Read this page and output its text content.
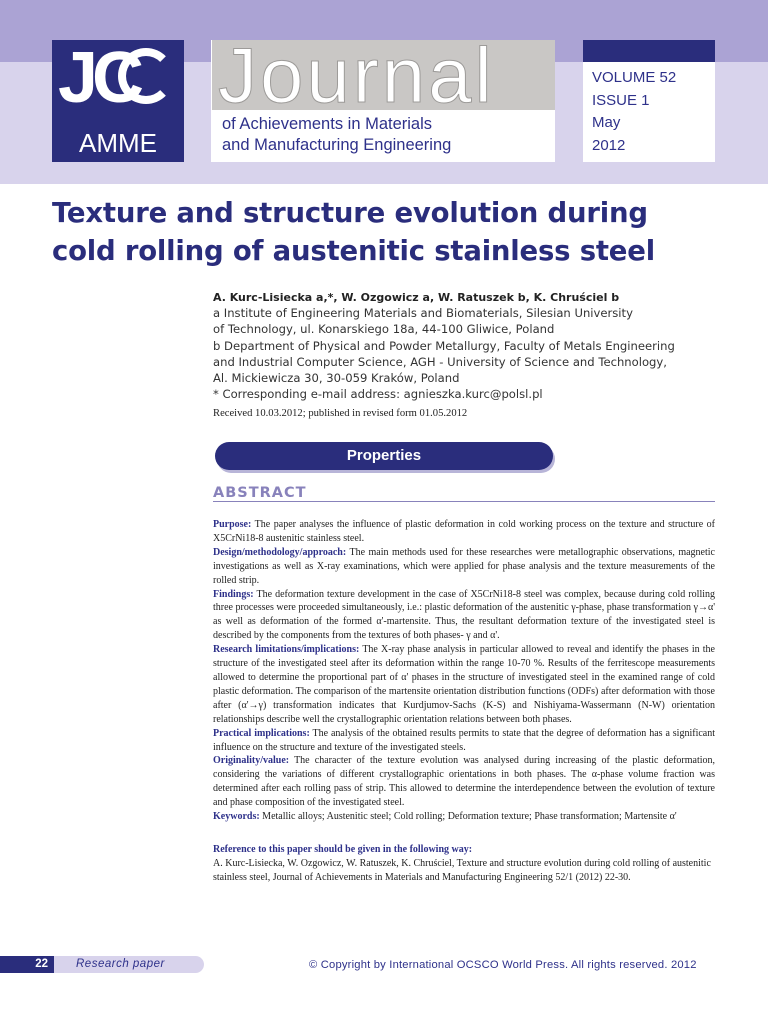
JC
AMME
Journal
of Achievements in Materials
and Manufacturing Engineering
VOLUME 52
ISSUE 1
May
2012
Texture and structure evolution during
cold rolling of austenitic stainless steel
A. Kurc-Lisiecka a,*, W. Ozgowicz a, W. Ratuszek b, K. Chruściel b
a Institute of Engineering Materials and Biomaterials, Silesian University
of Technology, ul. Konarskiego 18a, 44-100 Gliwice, Poland
b Department of Physical and Powder Metallurgy, Faculty of Metals Engineering
and Industrial Computer Science, AGH - University of Science and Technology,
Al. Mickiewicza 30, 30-059 Kraków, Poland
* Corresponding e-mail address: agnieszka.kurc@polsl.pl
Received 10.03.2012; published in revised form 01.05.2012
Properties
ABSTRACT
Purpose: The paper analyses the influence of plastic deformation in cold working process on the texture and structure of X5CrNi18-8 austenitic stainless steel.
Design/methodology/approach: The main methods used for these researches were metallographic observations, magnetic investigations as well as X-ray examinations, which were applied for phase analysis and the texture measurements of the rolled strip.
Findings: The deformation texture development in the case of X5CrNi18-8 steel was complex, because during cold rolling three processes were proceeded simultaneously, i.e.: plastic deformation of the austenitic γ-phase, phase transformation γ→α' as well as deformation of the formed α'-martensite. Thus, the resultant deformation texture of the investigated steel is described by the components from the textures of both phases- γ and α'.
Research limitations/implications: The X-ray phase analysis in particular allowed to reveal and identify the phases in the structure of the investigated steel after its deformation within the range 10-70 %. Results of the ferritescope measurements allowed to determine the proportional part of α' phases in the structure of investigated steel in the examined range of cold plastic deformation. The comparison of the martensite orientation distribution functions (ODFs) after deformation with those after (α'→γ) transformation indicates that Kurdjumov-Sachs (K-S) and Nishiyama-Wassermann (N-W) orientation relationships describe well the crystallographic orientation relations between both phases.
Practical implications: The analysis of the obtained results permits to state that the degree of deformation has a significant influence on the structure and texture of the investigated steels.
Originality/value: The character of the texture evolution was analysed during increasing of the plastic deformation, considering the variations of different crystallographic orientations in both phases. The α-phase volume fraction was determined after each rolling pass of strip. This allowed to determine the interdependence between the evolution of texture and phase composition of the investigated steel.
Keywords: Metallic alloys; Austenitic steel; Cold rolling; Deformation texture; Phase transformation; Martensite α'
Reference to this paper should be given in the following way:
A. Kurc-Lisiecka, W. Ozgowicz, W. Ratuszek, K. Chruściel, Texture and structure evolution during cold rolling of austenitic stainless steel, Journal of Achievements in Materials and Manufacturing Engineering 52/1 (2012) 22-30.
22	Research paper	© Copyright by International OCSCO World Press. All rights reserved. 2012
